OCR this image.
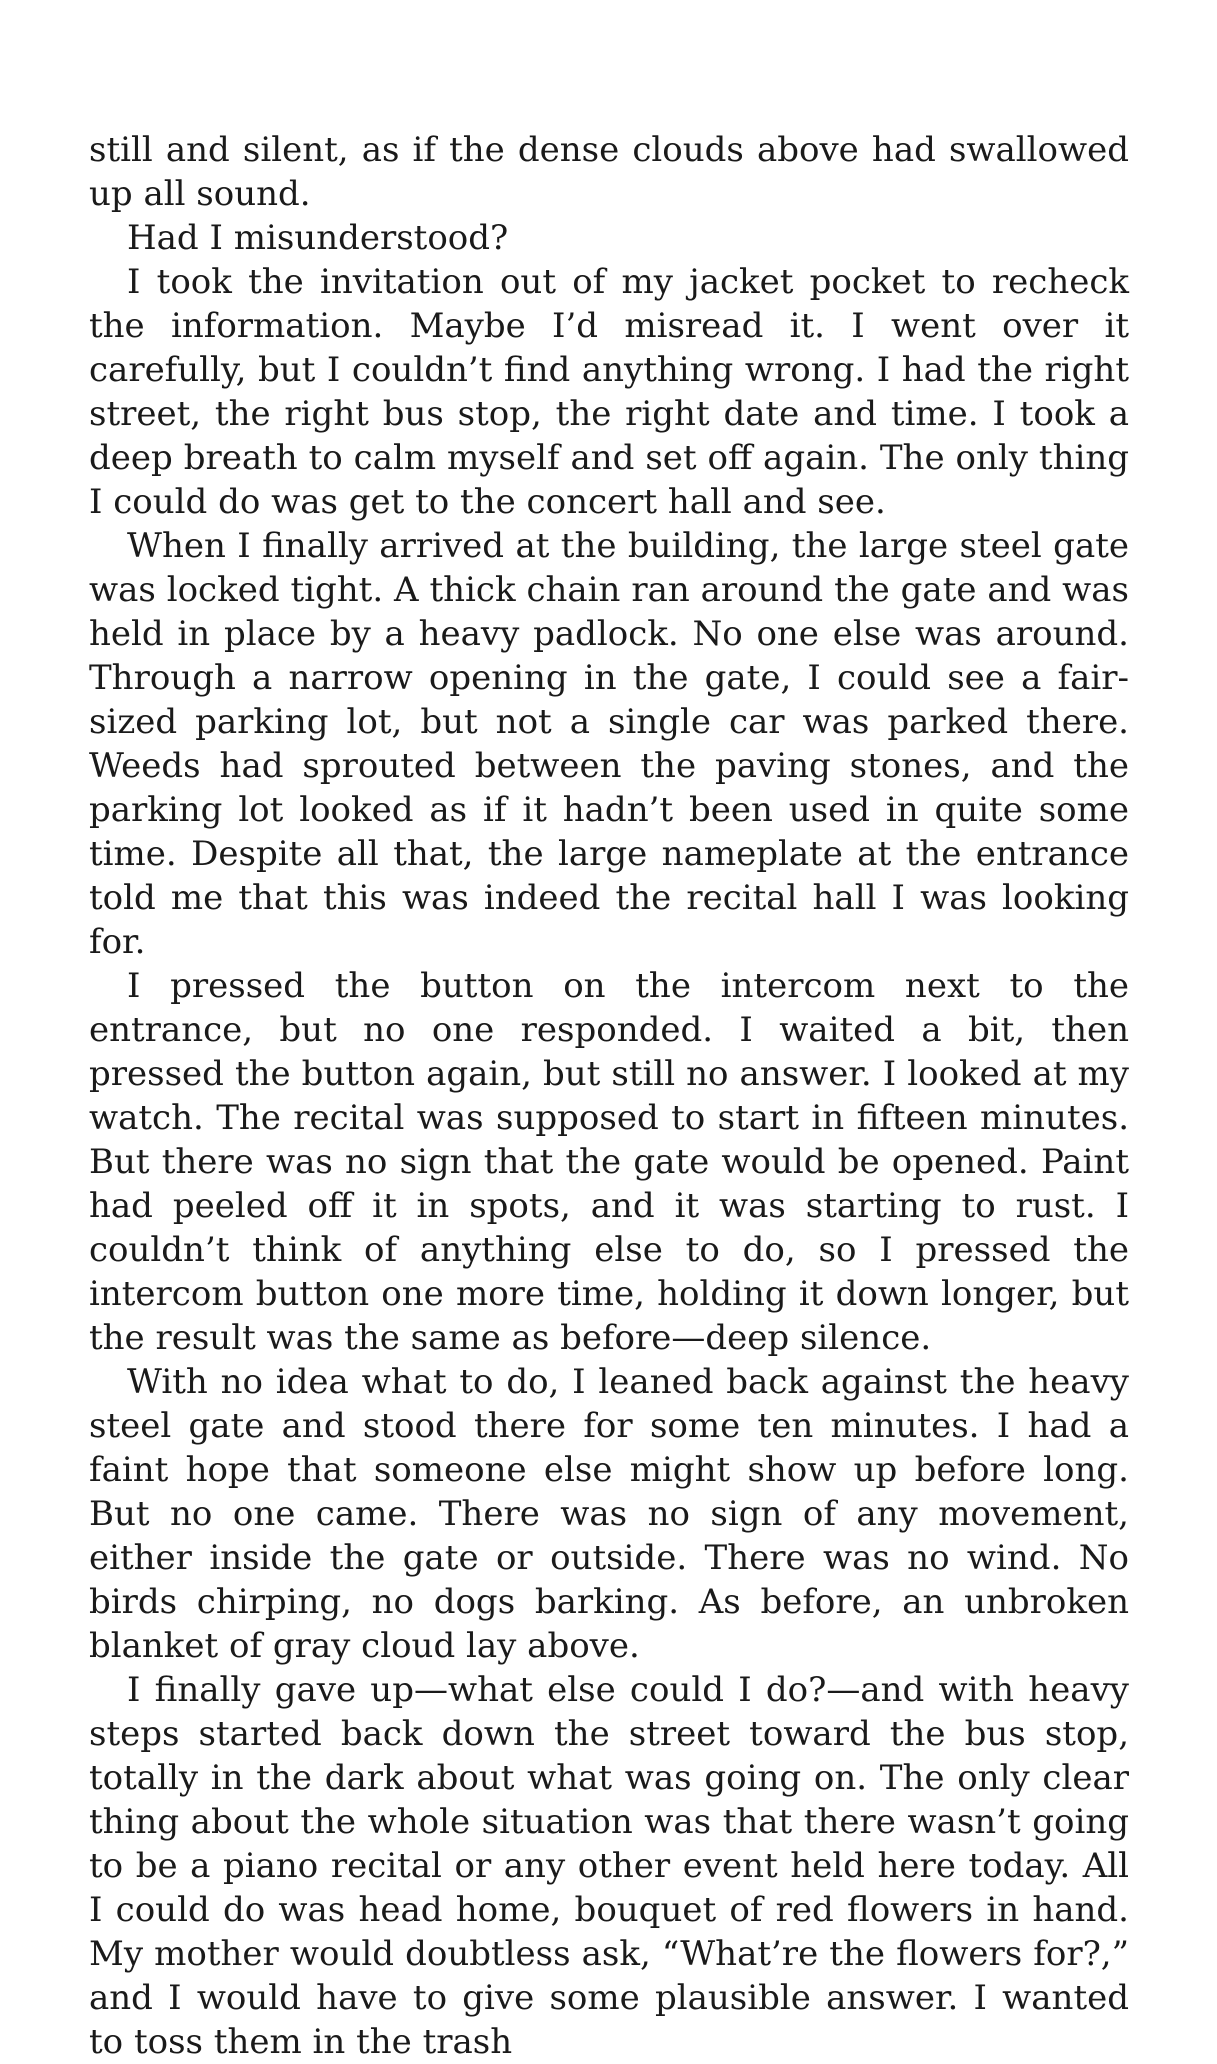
still and silent, as if the dense clouds above had swallowed up all sound.

Had I misunderstood?

I took the invitation out of my jacket pocket to recheck the information. Maybe I’d misread it. I went over it carefully, but I couldn’t find anything wrong. I had the right street, the right bus stop, the right date and time. I took a deep breath to calm myself and set off again. The only thing I could do was get to the concert hall and see.

When I finally arrived at the building, the large steel gate was locked tight. A thick chain ran around the gate and was held in place by a heavy padlock. No one else was around. Through a narrow opening in the gate, I could see a fair-sized parking lot, but not a single car was parked there. Weeds had sprouted between the paving stones, and the parking lot looked as if it hadn’t been used in quite some time. Despite all that, the large nameplate at the entrance told me that this was indeed the recital hall I was looking for.

I pressed the button on the intercom next to the entrance, but no one responded. I waited a bit, then pressed the button again, but still no answer. I looked at my watch. The recital was supposed to start in fifteen minutes. But there was no sign that the gate would be opened. Paint had peeled off it in spots, and it was starting to rust. I couldn’t think of anything else to do, so I pressed the intercom button one more time, holding it down longer, but the result was the same as before—deep silence.

With no idea what to do, I leaned back against the heavy steel gate and stood there for some ten minutes. I had a faint hope that someone else might show up before long. But no one came. There was no sign of any movement, either inside the gate or outside. There was no wind. No birds chirping, no dogs barking. As before, an unbroken blanket of gray cloud lay above.

I finally gave up—what else could I do?—and with heavy steps started back down the street toward the bus stop, totally in the dark about what was going on. The only clear thing about the whole situation was that there wasn’t going to be a piano recital or any other event held here today. All I could do was head home, bouquet of red flowers in hand. My mother would doubtless ask, “What’re the flowers for?,” and I would have to give some plausible answer. I wanted to toss them in the trash
